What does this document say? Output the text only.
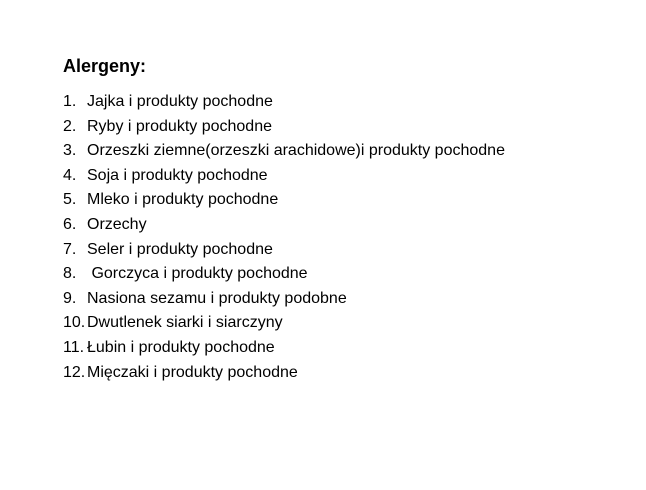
Alergeny:
1. Jajka i produkty pochodne
2. Ryby i produkty pochodne
3. Orzeszki ziemne(orzeszki arachidowe)i produkty pochodne
4. Soja i produkty pochodne
5. Mleko i produkty pochodne
6. Orzechy
7. Seler i produkty pochodne
8. Gorczyca i produkty pochodne
9. Nasiona sezamu i produkty podobne
10. Dwutlenek siarki i siarczyny
11. Łubin i produkty pochodne
12. Mięczaki i produkty pochodne
